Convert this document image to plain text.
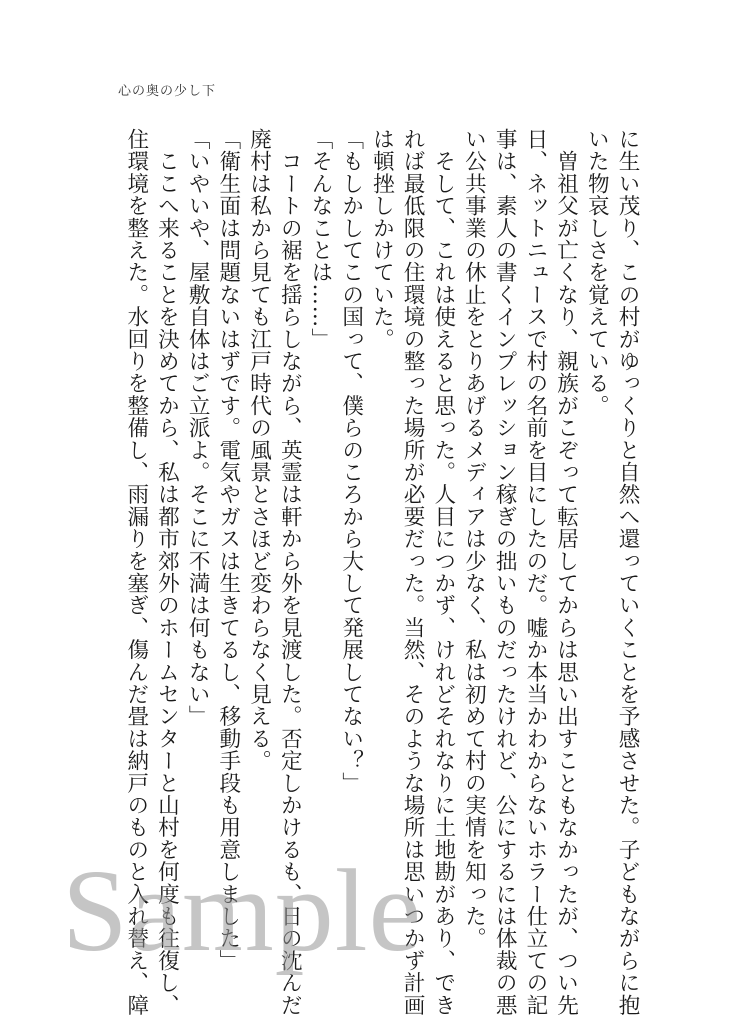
心の奥の少し下

に生い茂り、この村がゆっくりと自然へ還っていくことを予感させた。子どもながらに抱

いた物哀しさを覚えている。

　曽祖父が亡くなり、親族がこぞって転居してからは思い出すこともなかったが、つい先

日、ネットニュースで村の名前を目にしたのだ。嘘か本当かわからないホラー仕立ての記

事は、素人の書くインプレッション稼ぎの拙いものだったけれど、公にするには体裁の悪

い公共事業の休止をとりあげるメディアは少なく、私は初めて村の実情を知った。

　そして、これは使えると思った。人目につかず、けれどそれなりに土地勘があり、でき

れば最低限の住環境の整った場所が必要だった。当然、そのような場所は思いつかず計画

は頓挫しかけていた。

「もしかしてこの国って、僕らのころから大して発展してない？」

「そんなことは……」

　コートの裾を揺らしながら、英霊は軒から外を見渡した。否定しかけるも、日の沈んだ

廃村は私から見ても江戸時代の風景とさほど変わらなく見える。

「衛生面は問題ないはずです。電気やガスは生きてるし、移動手段も用意しました」

「いやいや、屋敷自体はご立派よ。そこに不満は何もない」

　ここへ来ることを決めてから、私は都市郊外のホームセンターと山村を何度も往復し、

住環境を整えた。水回りを整備し、雨漏りを塞ぎ、傷んだ畳は納戸のものと入れ替え、障

Sample
